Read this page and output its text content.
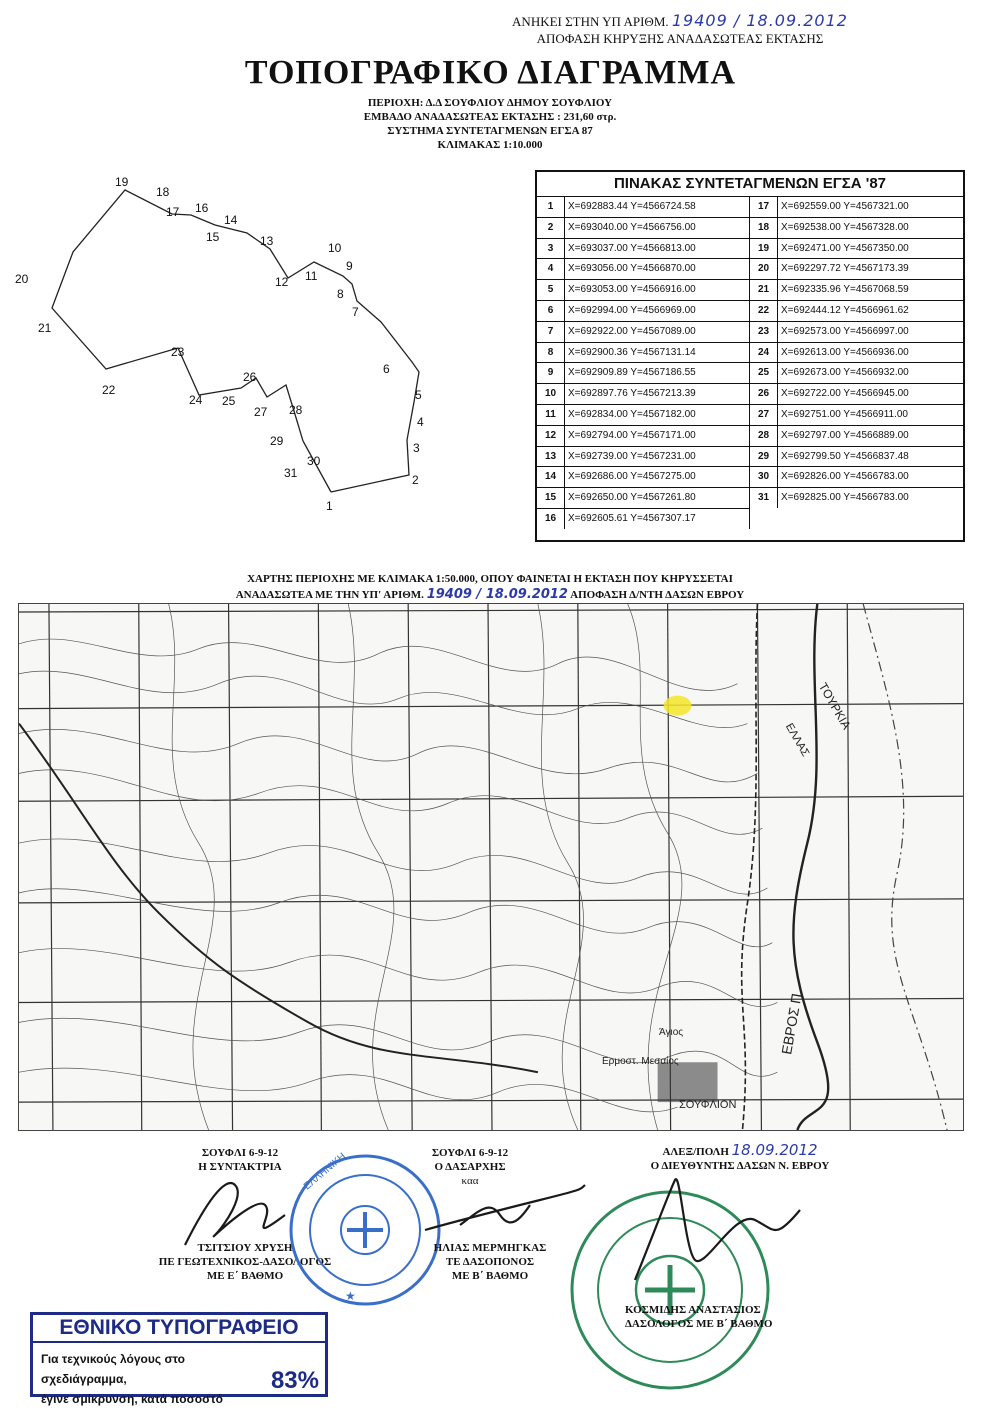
ΑΝΗΚΕΙ ΣΤΗΝ ΥΠ ΑΡΙΘΜ. 19409 / 18.09.2012
ΑΠΟΦΑΣΗ ΚΗΡΥΞΗΣ ΑΝΑΔΑΣΩΤΕΑΣ ΕΚΤΑΣΗΣ
ΤΟΠΟΓΡΑΦΙΚΟ ΔΙΑΓΡΑΜΜΑ
ΠΕΡΙΟΧΗ: Δ.Δ ΣΟΥΦΛΙΟΥ ΔΗΜΟΥ ΣΟΥΦΛΙΟΥ
ΕΜΒΑΔΟ ΑΝΑΔΑΣΩΤΕΑΣ ΕΚΤΑΣΗΣ : 231,60 στρ.
ΣΥΣΤΗΜΑ ΣΥΝΤΕΤΑΓΜΕΝΩΝ ΕΓΣΑ 87
ΚΛΙΜΑΚΑΣ 1:10.000
1
2
3
4
5
6
7
8
9
10
11
12
13
14
15
16
17
18
19
20
21
22
23
24 25
26
27 28
29
30
31
ΠΙΝΑΚΑΣ ΣΥΝΤΕΤΑΓΜΕΝΩΝ ΕΓΣΑ '87
1	X=692883.44 Y=4566724.58
2	X=693040.00 Y=4566756.00
3	X=693037.00 Y=4566813.00
4	X=693056.00 Y=4566870.00
5	X=693053.00 Y=4566916.00
6	X=692994.00 Y=4566969.00
7	X=692922.00 Y=4567089.00
8	X=692900.36 Y=4567131.14
9	X=692909.89 Y=4567186.55
10	X=692897.76 Y=4567213.39
11	X=692834.00 Y=4567182.00
12	X=692794.00 Y=4567171.00
13	X=692739.00 Y=4567231.00
14	X=692686.00 Y=4567275.00
15	X=692650.00 Y=4567261.80
16	X=692605.61 Y=4567307.17
17	X=692559.00 Y=4567321.00
18	X=692538.00 Y=4567328.00
19	X=692471.00 Y=4567350.00
20	X=692297.72 Y=4567173.39
21	X=692335.96 Y=4567068.59
22	X=692444.12 Y=4566961.62
23	X=692573.00 Y=4566997.00
24	X=692613.00 Y=4566936.00
25	X=692673.00 Y=4566932.00
26	X=692722.00 Y=4566945.00
27	X=692751.00 Y=4566911.00
28	X=692797.00 Y=4566889.00
29	X=692799.50 Y=4566837.48
30	X=692826.00 Y=4566783.00
31	X=692825.00 Y=4566783.00
ΧΑΡΤΗΣ ΠΕΡΙΟΧΗΣ ΜΕ ΚΛΙΜΑΚΑ 1:50.000, ΟΠΟΥ ΦΑΙΝΕΤΑΙ Η ΕΚΤΑΣΗ ΠΟΥ ΚΗΡΥΣΣΕΤΑΙ
ΑΝΑΔΑΣΩΤΕΑ ΜΕ ΤΗΝ ΥΠ' ΑΡΙΘΜ. 19409 / 18.09.2012 ΑΠΟΦΑΣΗ Δ/ΝΤΗ ΔΑΣΩΝ ΕΒΡΟΥ
ΤΟΥΡΚΙΑ
ΕΛΛΑΣ
ΕΒΡΟΣ Π.
ΣΟΥΦΛΙΟΝ
Άγιος
Ερμοστ. Μεσαίος
ΣΟΥΦΛΙ 6-9-12
Η ΣΥΝΤΑΚΤΡΙΑ
ΤΣΙΤΣΙΟΥ ΧΡΥΣΗ
ΠΕ ΓΕΩΤΕΧΝΙΚΟΣ-ΔΑΣΟΛΟΓΟΣ
ΜΕ Ε΄ ΒΑΘΜΟ
ΕΛΛΗΝΙΚΗ
★
ΣΟΥΦΛΙ 6-9-12
Ο ΔΑΣΑΡΧΗΣ
καα
ΗΛΙΑΣ ΜΕΡΜΗΓΚΑΣ
ΤΕ ΔΑΣΟΠΟΝΟΣ
ΜΕ Β΄ ΒΑΘΜΟ
ΑΛΕΞ/ΠΟΛΗ 18.09.2012
Ο ΔΙΕΥΘΥΝΤΗΣ ΔΑΣΩΝ Ν. ΕΒΡΟΥ
ΚΟΣΜΙΔΗΣ ΑΝΑΣΤΑΣΙΟΣ
ΔΑΣΟΛΟΓΟΣ ΜΕ Β΄ ΒΑΘΜΟ
ΕΘΝΙΚΟ ΤΥΠΟΓΡΑΦΕΙΟ
Για τεχνικούς λόγους στο σχεδιάγραμμα,
έγινε σμίκρυνση, κατά ποσοστό
83%
